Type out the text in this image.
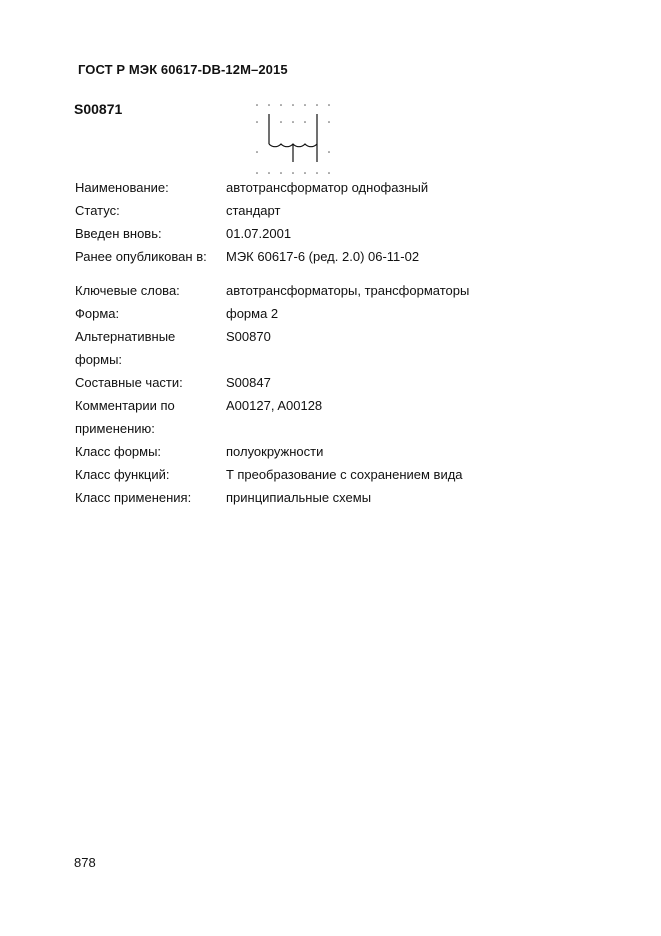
ГОСТ Р МЭК 60617-DB-12M–2015
S00871
Наименование:	автотрансформатор однофазный
Статус:	стандарт
Введен вновь:	01.07.2001
Ранее опубликован в:	МЭК 60617-6 (ред. 2.0) 06-11-02
Ключевые слова:	автотрансформаторы, трансформаторы
Форма:	форма 2
Альтернативные формы:
S00870
Составные части:	S00847
Комментарии по применению:
A00127, A00128
Класс формы:	полуокружности
Класс функций:	T преобразование с сохранением вида
Класс применения:	принципиальные схемы
878
